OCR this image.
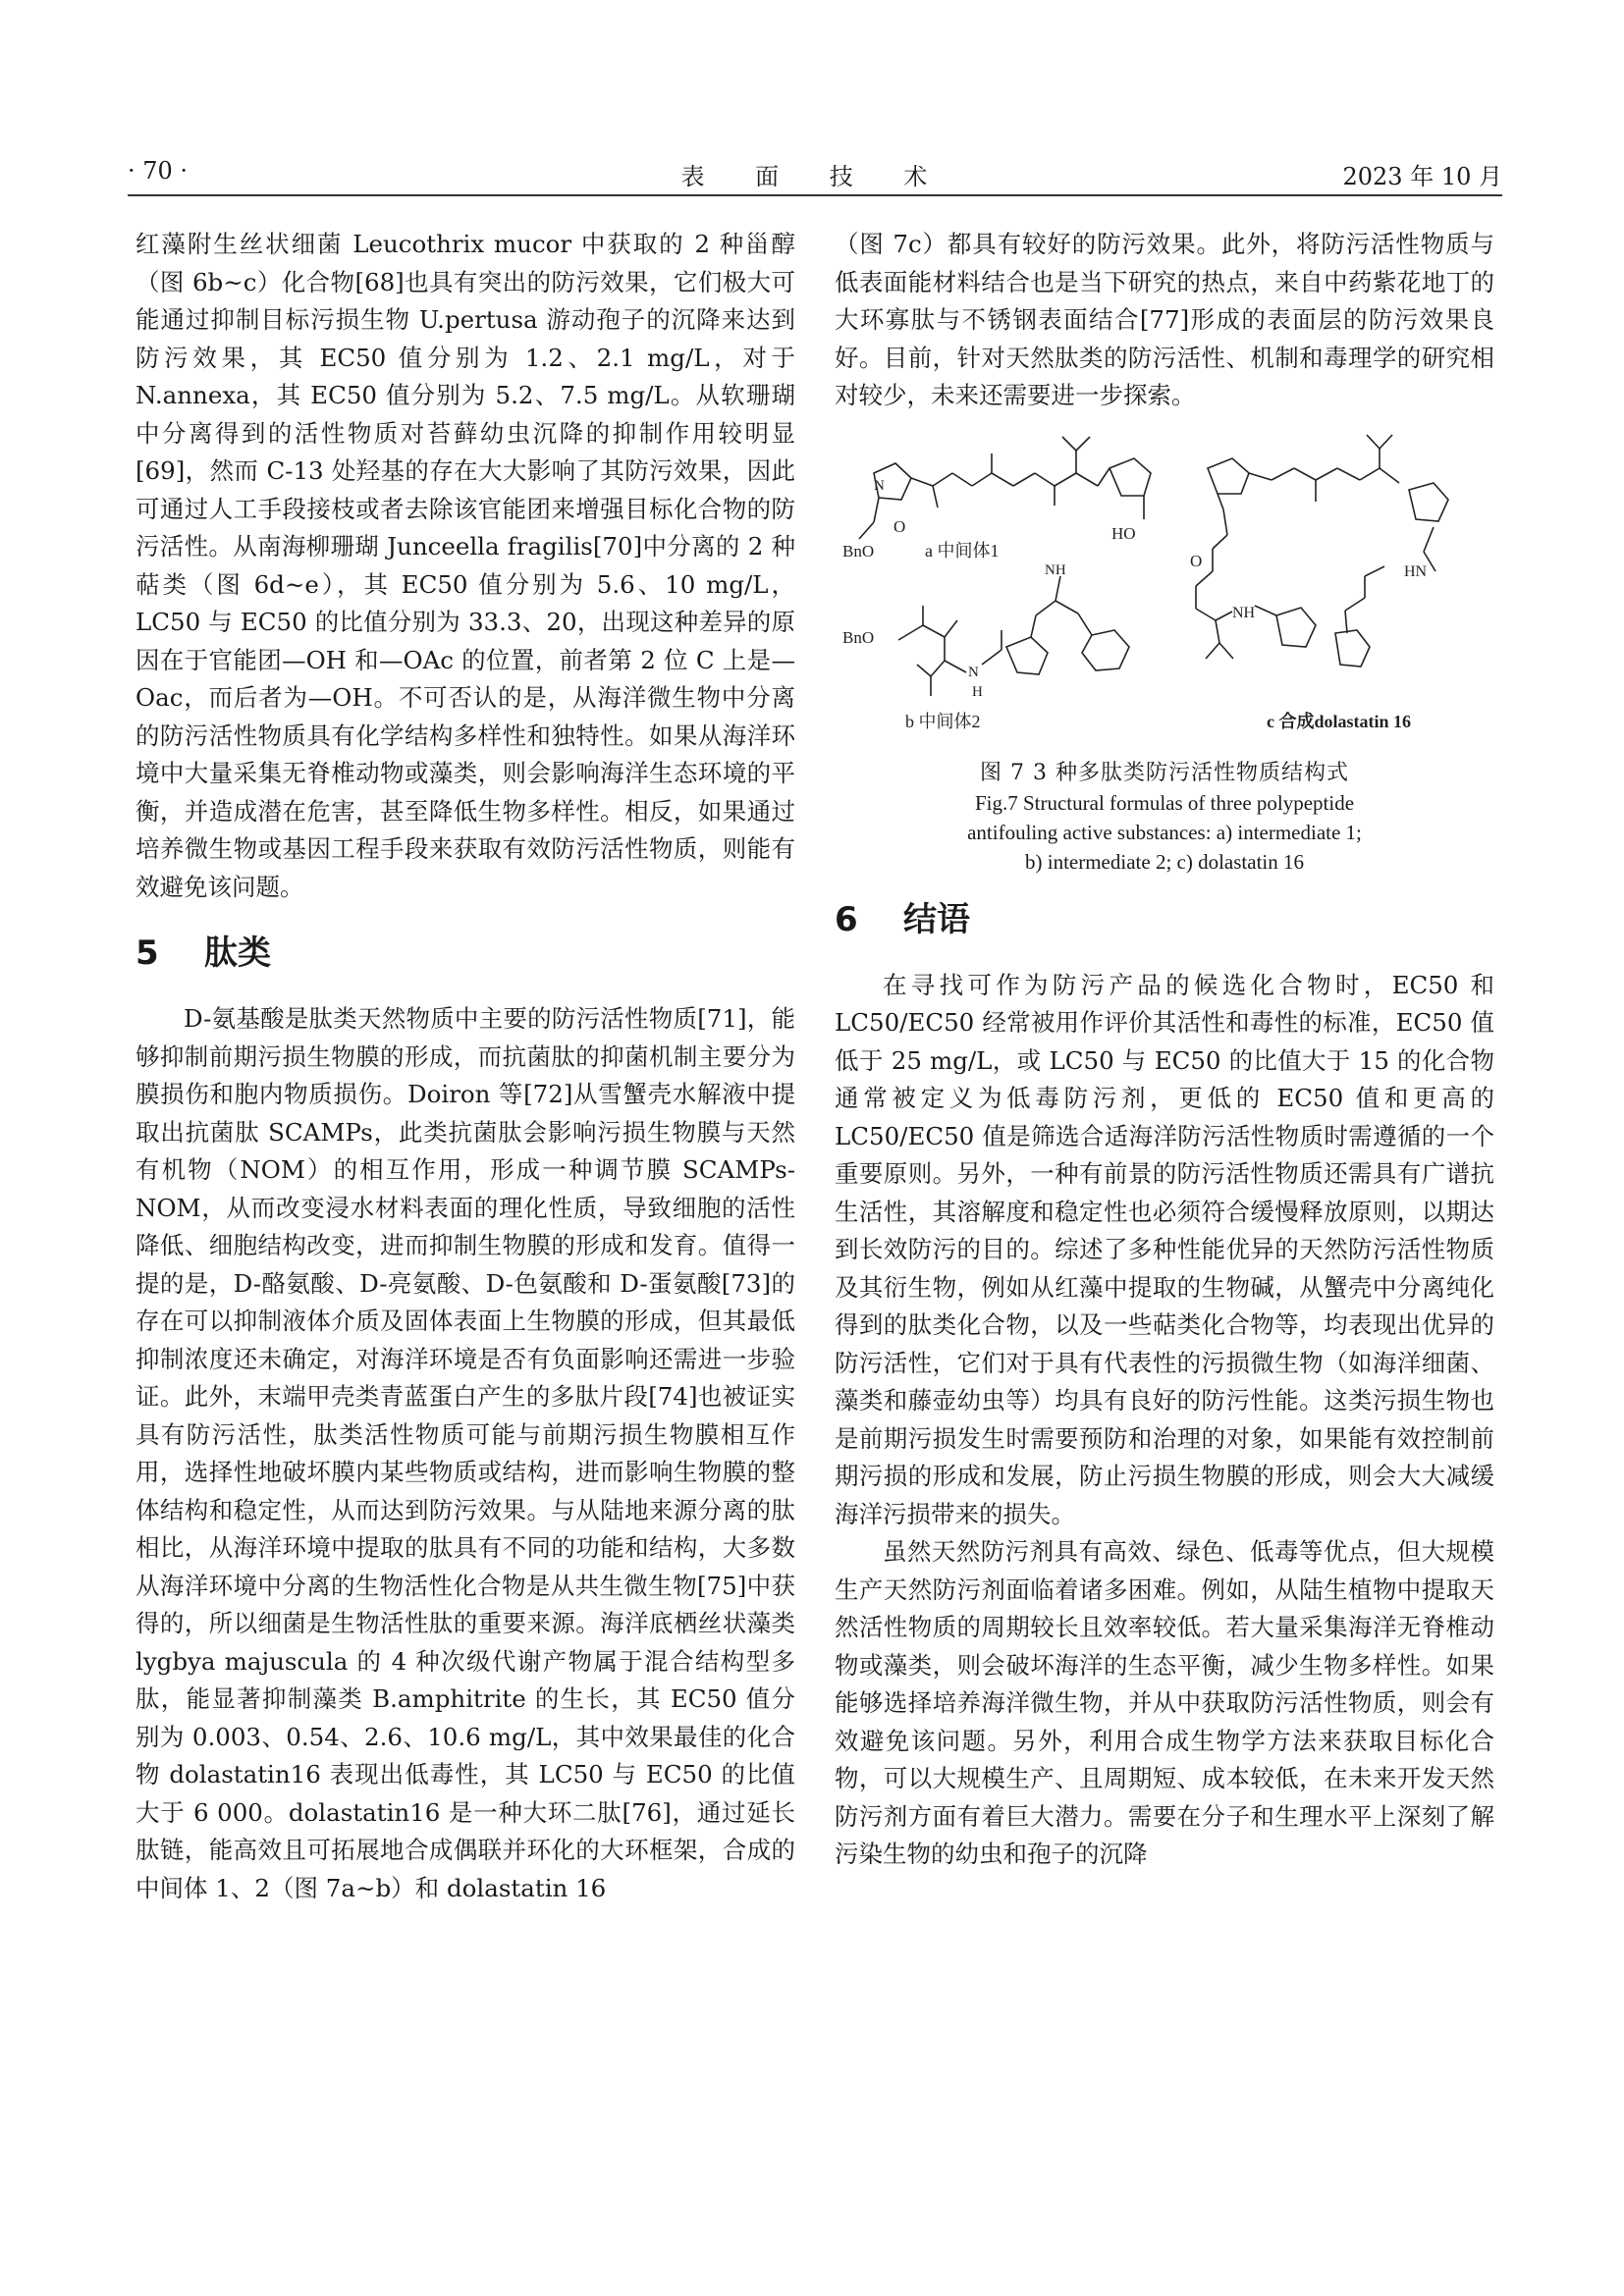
· 70 ·	表 面 技 术	2023 年 10 月

红藻附生丝状细菌 Leucothrix mucor 中获取的 2 种甾醇（图 6b~c）化合物[68]也具有突出的防污效果，它们极大可能通过抑制目标污损生物 U.pertusa 游动孢子的沉降来达到防污效果，其 EC50 值分别为 1.2、2.1 mg/L，对于 N.annexa，其 EC50 值分别为 5.2、7.5 mg/L。从软珊瑚中分离得到的活性物质对苔藓幼虫沉降的抑制作用较明显[69]，然而 C-13 处羟基的存在大大影响了其防污效果，因此可通过人工手段接枝或者去除该官能团来增强目标化合物的防污活性。从南海柳珊瑚 Junceella fragilis[70]中分离的 2 种萜类（图 6d~e），其 EC50 值分别为 5.6、10 mg/L，LC50 与 EC50 的比值分别为 33.3、20，出现这种差异的原因在于官能团—OH 和—OAc 的位置，前者第 2 位 C 上是—Oac，而后者为—OH。不可否认的是，从海洋微生物中分离的防污活性物质具有化学结构多样性和独特性。如果从海洋环境中大量采集无脊椎动物或藻类，则会影响海洋生态环境的平衡，并造成潜在危害，甚至降低生物多样性。相反，如果通过培养微生物或基因工程手段来获取有效防污活性物质，则能有效避免该问题。

5 肽类

D-氨基酸是肽类天然物质中主要的防污活性物质[71]，能够抑制前期污损生物膜的形成，而抗菌肽的抑菌机制主要分为膜损伤和胞内物质损伤。Doiron 等[72]从雪蟹壳水解液中提取出抗菌肽 SCAMPs，此类抗菌肽会影响污损生物膜与天然有机物（NOM）的相互作用，形成一种调节膜 SCAMPs-NOM，从而改变浸水材料表面的理化性质，导致细胞的活性降低、细胞结构改变，进而抑制生物膜的形成和发育。值得一提的是，D-酪氨酸、D-亮氨酸、D-色氨酸和 D-蛋氨酸[73]的存在可以抑制液体介质及固体表面上生物膜的形成，但其最低抑制浓度还未确定，对海洋环境是否有负面影响还需进一步验证。此外，末端甲壳类青蓝蛋白产生的多肽片段[74]也被证实具有防污活性，肽类活性物质可能与前期污损生物膜相互作用，选择性地破坏膜内某些物质或结构，进而影响生物膜的整体结构和稳定性，从而达到防污效果。与从陆地来源分离的肽相比，从海洋环境中提取的肽具有不同的功能和结构，大多数从海洋环境中分离的生物活性化合物是从共生微生物[75]中获得的，所以细菌是生物活性肽的重要来源。海洋底栖丝状藻类 lygbya majuscula 的 4 种次级代谢产物属于混合结构型多肽，能显著抑制藻类 B.amphitrite 的生长，其 EC50 值分别为 0.003、0.54、2.6、10.6 mg/L，其中效果最佳的化合物 dolastatin16 表现出低毒性，其 LC50 与 EC50 的比值大于 6 000。dolastatin16 是一种大环二肽[76]，通过延长肽链，能高效且可拓展地合成偶联并环化的大环框架，合成的中间体 1、2（图 7a~b）和 dolastatin 16

（图 7c）都具有较好的防污效果。此外，将防污活性物质与低表面能材料结合也是当下研究的热点，来自中药紫花地丁的大环寡肽与不锈钢表面结合[77]形成的表面层的防污效果良好。目前，针对天然肽类的防污活性、机制和毒理学的研究相对较少，未来还需要进一步探索。

O
BnO
N
HO
a 中间体1
BnO
N
H
NH
b 中间体2
O
HN
NH
c 合成dolastatin 16

图 7 3 种多肽类防污活性物质结构式

Fig.7 Structural formulas of three polypeptide

antifouling active substances: a) intermediate 1;

b) intermediate 2; c) dolastatin 16

6 结语

在寻找可作为防污产品的候选化合物时，EC50 和 LC50/EC50 经常被用作评价其活性和毒性的标准，EC50 值低于 25 mg/L，或 LC50 与 EC50 的比值大于 15 的化合物通常被定义为低毒防污剂，更低的 EC50 值和更高的 LC50/EC50 值是筛选合适海洋防污活性物质时需遵循的一个重要原则。另外，一种有前景的防污活性物质还需具有广谱抗生活性，其溶解度和稳定性也必须符合缓慢释放原则，以期达到长效防污的目的。综述了多种性能优异的天然防污活性物质及其衍生物，例如从红藻中提取的生物碱，从蟹壳中分离纯化得到的肽类化合物，以及一些萜类化合物等，均表现出优异的防污活性，它们对于具有代表性的污损微生物（如海洋细菌、藻类和藤壶幼虫等）均具有良好的防污性能。这类污损生物也是前期污损发生时需要预防和治理的对象，如果能有效控制前期污损的形成和发展，防止污损生物膜的形成，则会大大减缓海洋污损带来的损失。

虽然天然防污剂具有高效、绿色、低毒等优点，但大规模生产天然防污剂面临着诸多困难。例如，从陆生植物中提取天然活性物质的周期较长且效率较低。若大量采集海洋无脊椎动物或藻类，则会破坏海洋的生态平衡，减少生物多样性。如果能够选择培养海洋微生物，并从中获取防污活性物质，则会有效避免该问题。另外，利用合成生物学方法来获取目标化合物，可以大规模生产、且周期短、成本较低，在未来开发天然防污剂方面有着巨大潜力。需要在分子和生理水平上深刻了解污染生物的幼虫和孢子的沉降
